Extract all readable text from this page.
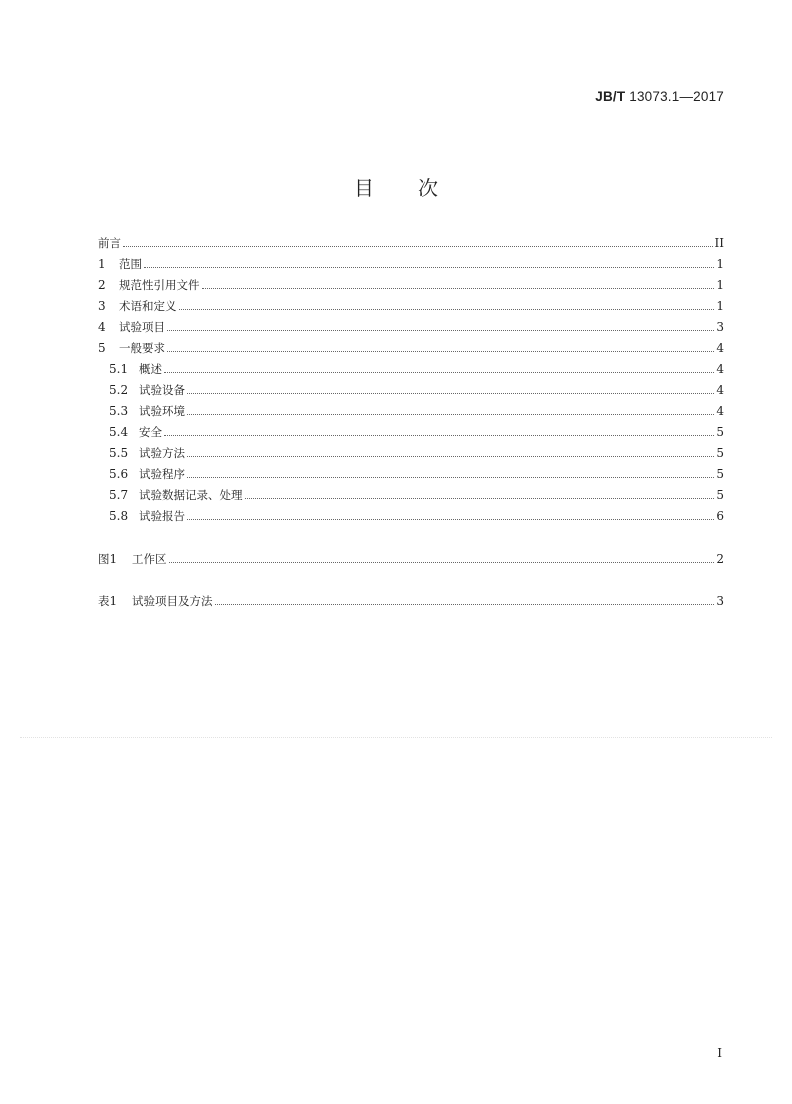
JB/T 13073.1—2017
目次
前言	II
1	范围	1
2	规范性引用文件	1
3	术语和定义	1
4	试验项目	3
5	一般要求	4
5.1 概述	4
5.2 试验设备	4
5.3 试验环境	4
5.4 安全	5
5.5 试验方法	5
5.6 试验程序	5
5.7 试验数据记录、处理	5
5.8 试验报告	6
图1	工作区	2
表1	试验项目及方法	3
I
